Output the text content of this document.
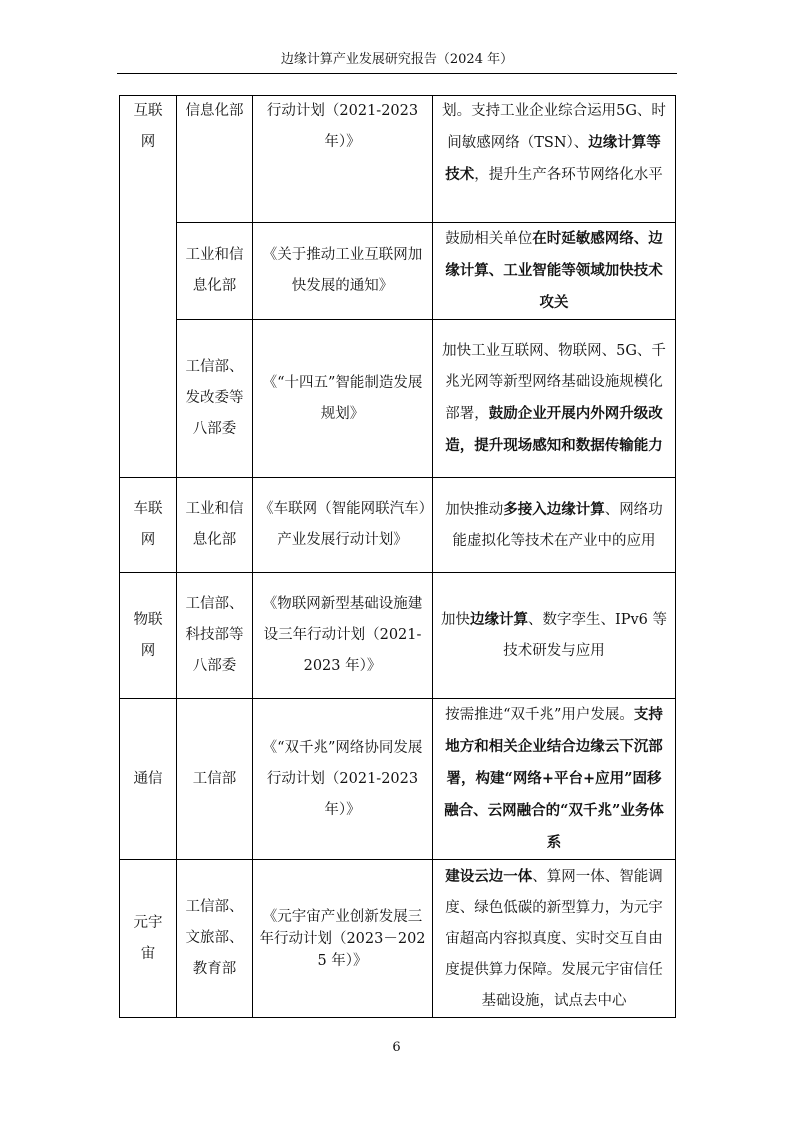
边缘计算产业发展研究报告（2024 年）
互联网	信息化部	行动计划（2021-2023 年）》	划。支持工业企业综合运用5G、时间敏感网络（TSN）、边缘计算等技术，提升生产各环节网络化水平
	工业和信息化部	《关于推动工业互联网加快发展的通知》	鼓励相关单位在时延敏感网络、边缘计算、工业智能等领域加快技术攻关
	工信部、发改委等八部委	《“十四五”智能制造发展规划》	加快工业互联网、物联网、5G、千兆光网等新型网络基础设施规模化部署，鼓励企业开展内外网升级改造，提升现场感知和数据传输能力
车联网	工业和信息化部	《车联网（智能网联汽车）产业发展行动计划》	加快推动多接入边缘计算、网络功能虚拟化等技术在产业中的应用
物联网	工信部、科技部等八部委	《物联网新型基础设施建设三年行动计划（2021-2023 年）》	加快边缘计算、数字孪生、IPv6 等技术研发与应用
通信	工信部	《“双千兆”网络协同发展行动计划（2021-2023 年）》	按需推进“双千兆”用户发展。支持地方和相关企业结合边缘云下沉部署，构建“网络+平台+应用”固移融合、云网融合的“双千兆”业务体系
元宇宙	工信部、文旅部、教育部	《元宇宙产业创新发展三年行动计划（2023－2025 年）》	建设云边一体、算网一体、智能调度、绿色低碳的新型算力，为元宇宙超高内容拟真度、实时交互自由度提供算力保障。发展元宇宙信任基础设施，试点去中心
6
